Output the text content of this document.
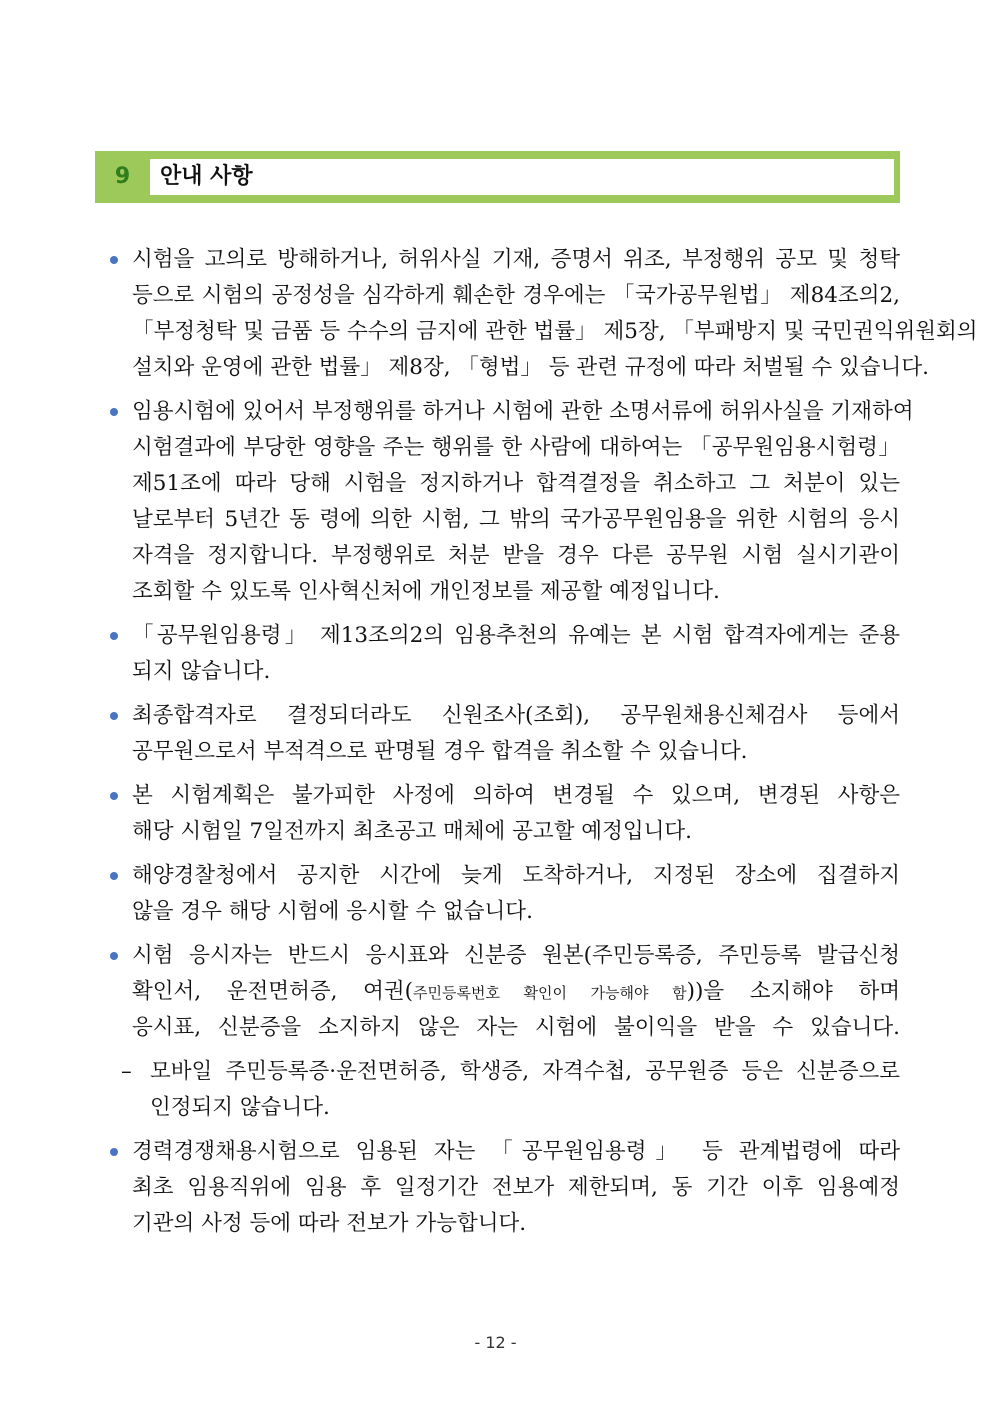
9	안내 사항
시험을 고의로 방해하거나, 허위사실 기재, 증명서 위조, 부정행위 공모 및 청탁
등으로 시험의 공정성을 심각하게 훼손한 경우에는 「국가공무원법」 제84조의2,
「부정청탁 및 금품 등 수수의 금지에 관한 법률」 제5장, 「부패방지 및 국민권익위원회의
설치와 운영에 관한 법률」 제8장, 「형법」 등 관련 규정에 따라 처벌될 수 있습니다.
임용시험에 있어서 부정행위를 하거나 시험에 관한 소명서류에 허위사실을 기재하여
시험결과에 부당한 영향을 주는 행위를 한 사람에 대하여는 「공무원임용시험령」
제51조에 따라 당해 시험을 정지하거나 합격결정을 취소하고 그 처분이 있는
날로부터 5년간 동 령에 의한 시험, 그 밖의 국가공무원임용을 위한 시험의 응시
자격을 정지합니다. 부정행위로 처분 받을 경우 다른 공무원 시험 실시기관이
조회할 수 있도록 인사혁신처에 개인정보를 제공할 예정입니다.
「공무원임용령」 제13조의2의 임용추천의 유예는 본 시험 합격자에게는 준용
되지 않습니다.
최종합격자로 결정되더라도 신원조사(조회), 공무원채용신체검사 등에서
공무원으로서 부적격으로 판명될 경우 합격을 취소할 수 있습니다.
본 시험계획은 불가피한 사정에 의하여 변경될 수 있으며, 변경된 사항은
해당 시험일 7일전까지 최초공고 매체에 공고할 예정입니다.
해양경찰청에서 공지한 시간에 늦게 도착하거나, 지정된 장소에 집결하지
않을 경우 해당 시험에 응시할 수 없습니다.
시험 응시자는 반드시 응시표와 신분증 원본(주민등록증, 주민등록 발급신청
확인서, 운전면허증, 여권(주민등록번호 확인이 가능해야 함))을 소지해야 하며
응시표, 신분증을 소지하지 않은 자는 시험에 불이익을 받을 수 있습니다.
– 모바일 주민등록증·운전면허증, 학생증, 자격수첩, 공무원증 등은 신분증으로
인정되지 않습니다.
경력경쟁채용시험으로 임용된 자는 「공무원임용령」 등 관계법령에 따라
최초 임용직위에 임용 후 일정기간 전보가 제한되며, 동 기간 이후 임용예정
기관의 사정 등에 따라 전보가 가능합니다.
- 12 -
